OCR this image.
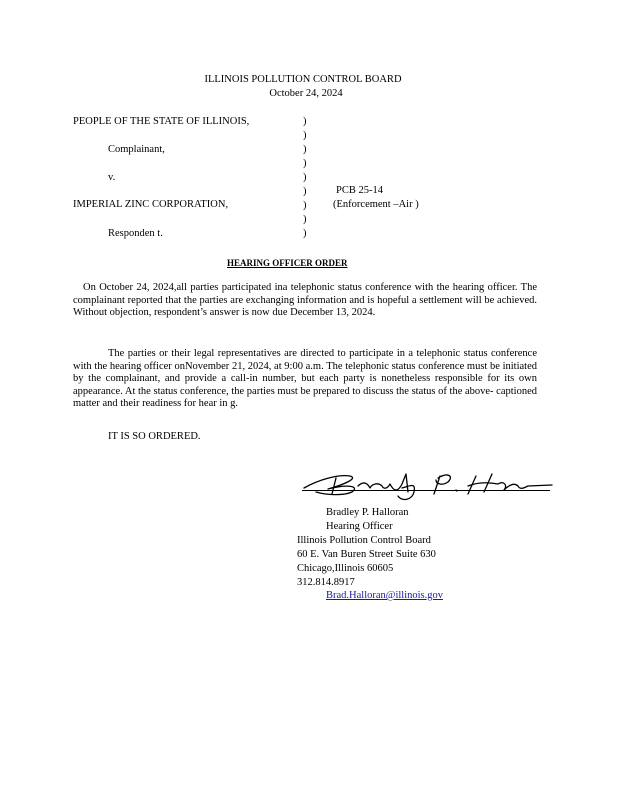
ILLINOIS POLLUTION CONTROL BOARD
October 24, 2024
PEOPLE OF THE STATE OF ILLINOIS,
Complainant,
v.
PCB 25-14
(Enforcement –Air )
IMPERIAL ZINC CORPORATION,
Responden t.
)
)
)
)
)
)
)
)
)
HEARING OFFICER ORDER
On October 24, 2024,all parties participated ina telephonic status conference with the hearing officer. The complainant reported that the parties are exchanging information and is hopeful a settlement will be achieved. Without objection, respondent’s answer is now due December 13, 2024.
The parties or their legal representatives are directed to participate in a telephonic status conference with the hearing officer onNovember 21, 2024, at 9:00 a.m. The telephonic status conference must be initiated by the complainant, and provide a call-in number, but each party is nonetheless responsible for its own appearance. At the status conference, the parties must be prepared to discuss the status of the above- captioned matter and their readiness for hear in g.
IT IS SO ORDERED.
Bradley P. Halloran
Hearing Officer
Illinois Pollution Control Board
60 E. Van Buren Street Suite 630
Chicago,Illinois 60605
312.814.8917
Brad.Halloran@illinois.gov
